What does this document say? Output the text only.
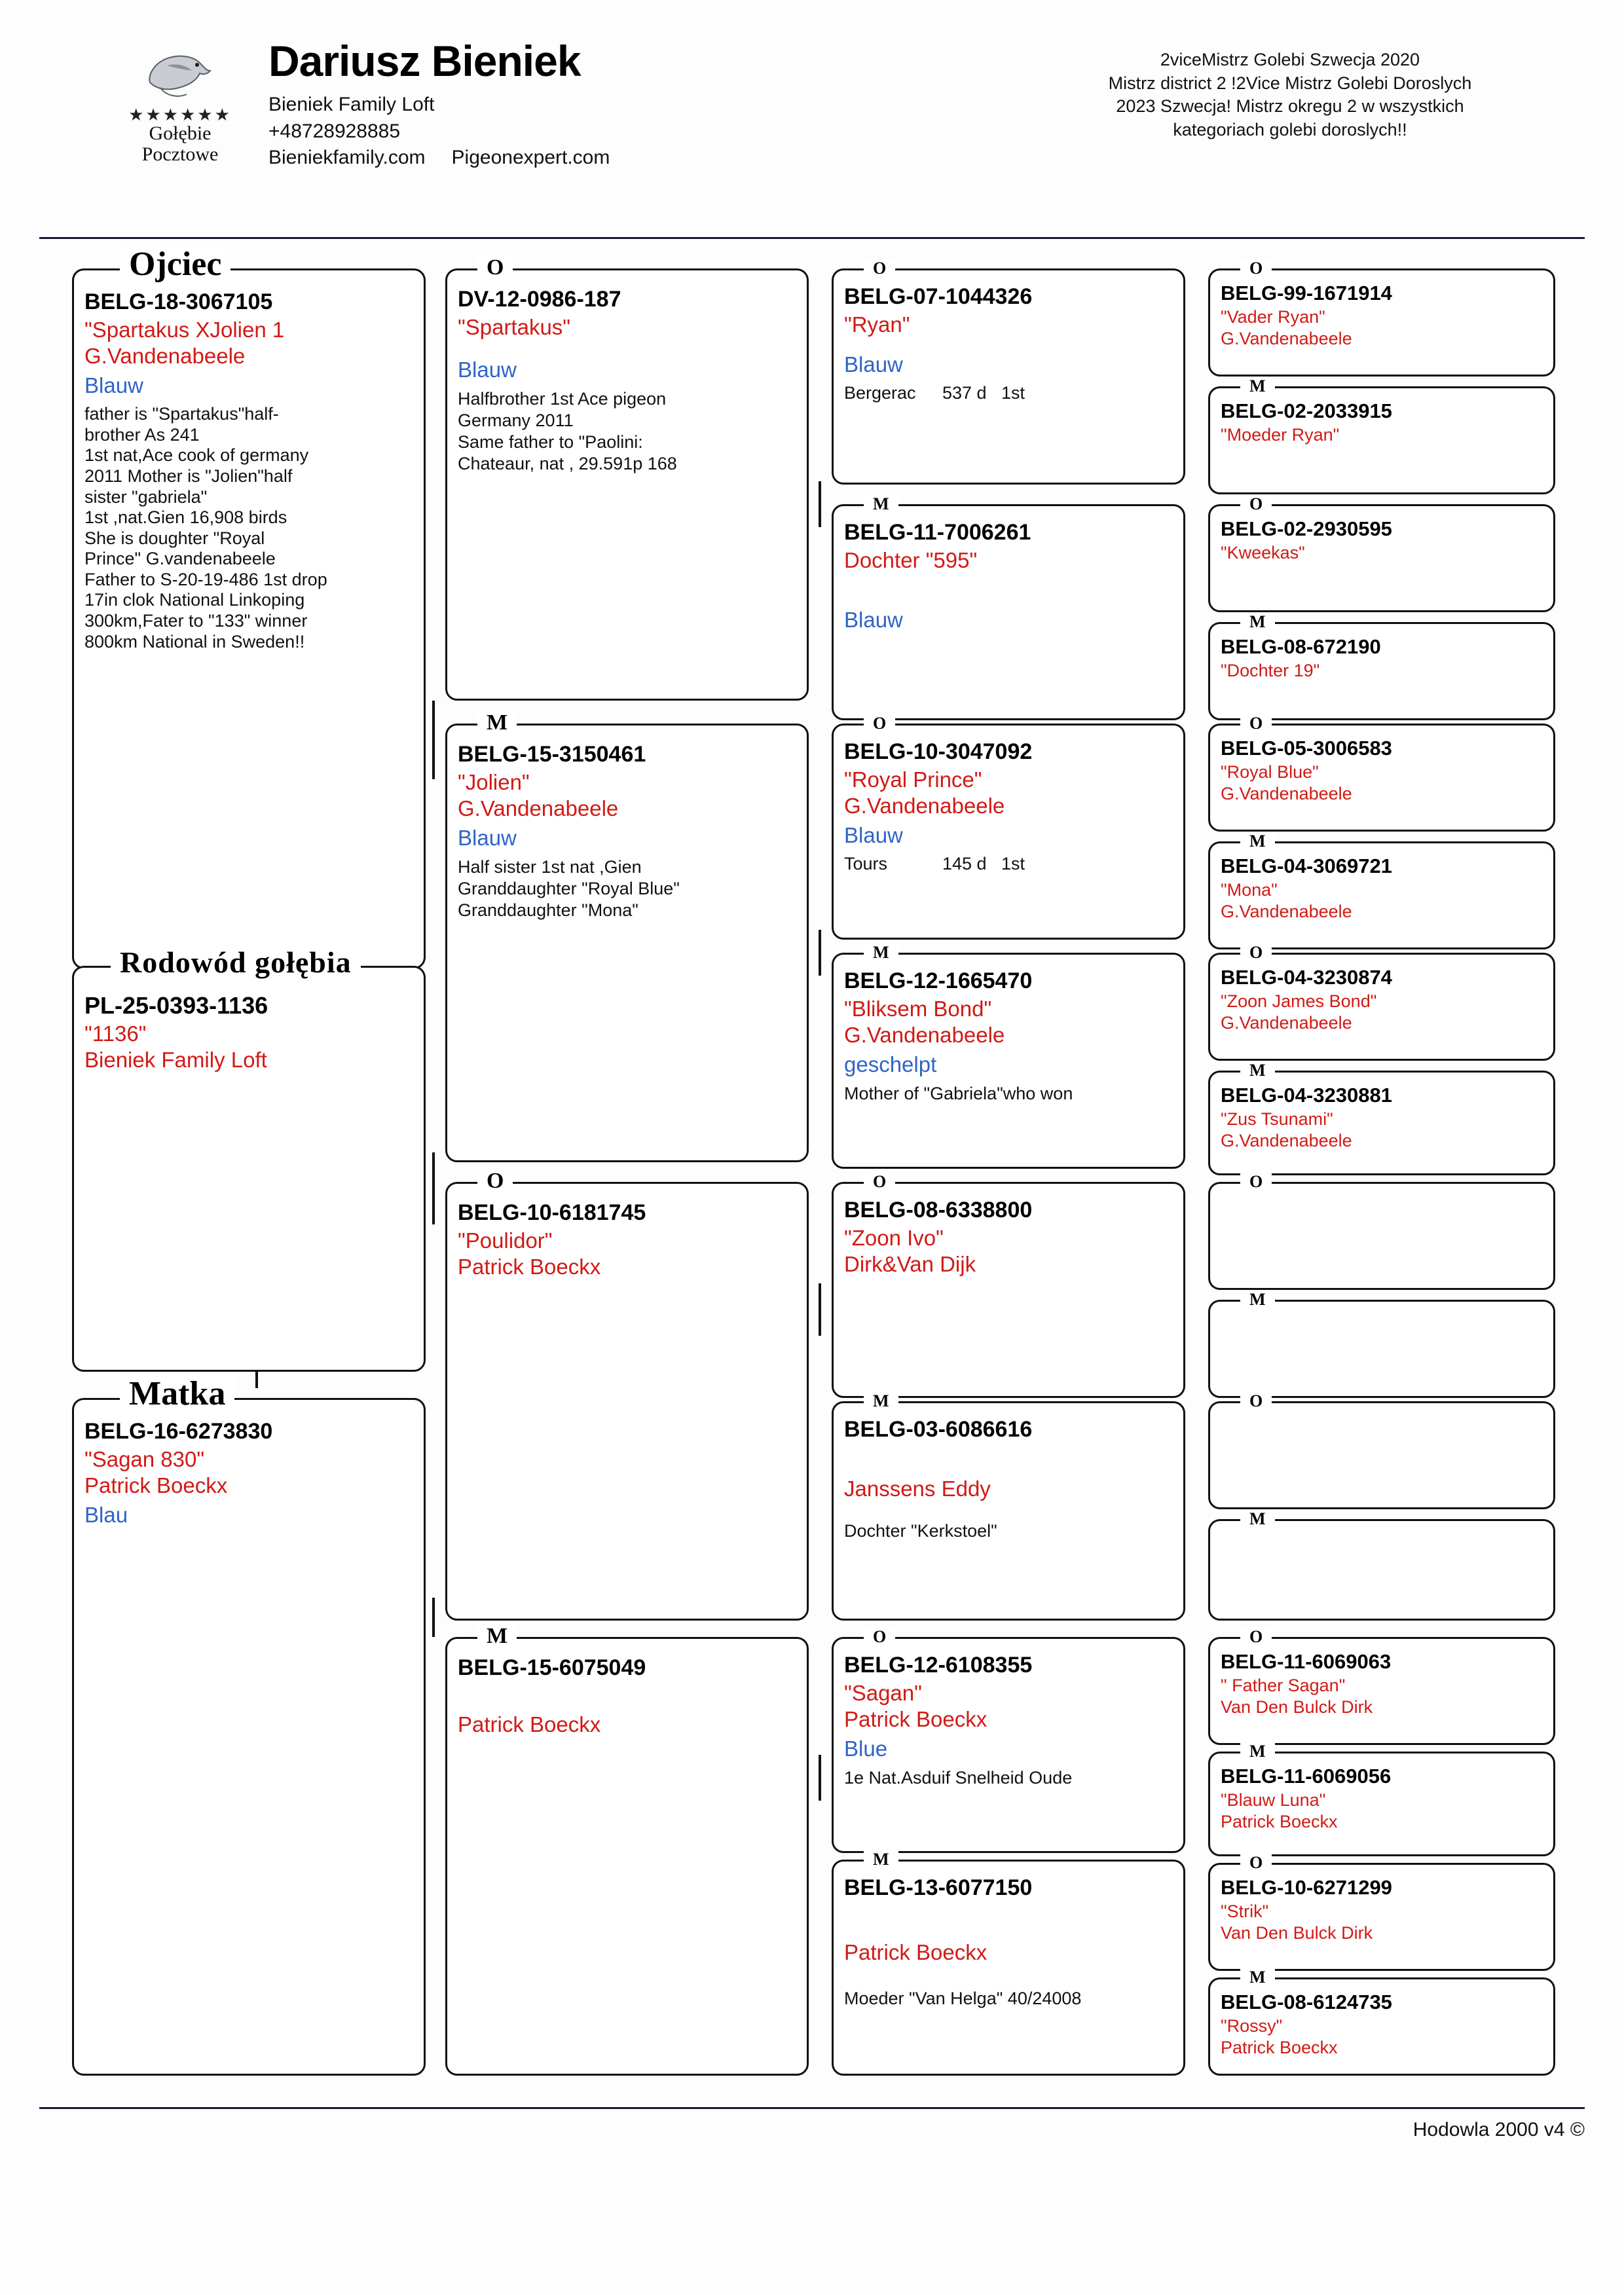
★★★★★★
Gołębie
Pocztowe
Dariusz Bieniek
Bieniek Family Loft
+48728928885
Bieniekfamily.com Pigeonexpert.com
2viceMistrz Golebi Szwecja 2020
Mistrz district 2 !2Vice Mistrz Golebi Doroslych
2023 Szwecja! Mistrz okregu 2 w wszystkich
kategoriach golebi doroslych!!
Hodowla 2000 v4 ©
Ojciec
BELG-18-3067105
"Spartakus XJolien 1
G.Vandenabeele
Blauw
father is "Spartakus"half-
brother As 241
1st nat,Ace cook of germany
2011 Mother is "Jolien"half
sister "gabriela"
1st ,nat.Gien 16,908 birds
She is doughter "Royal
Prince" G.vandenabeele
Father to S-20-19-486 1st drop
17in clok National Linkoping
300km,Fater to "133" winner
800km National in Sweden!!
Rodowód gołębia
PL-25-0393-1136
"1136"
Bieniek Family Loft
Matka
BELG-16-6273830
"Sagan 830"
Patrick Boeckx
Blau
O
DV-12-0986-187
"Spartakus"
Blauw
Halfbrother 1st Ace pigeon
Germany 2011
Same father to "Paolini:
Chateaur, nat , 29.591p 168
M
BELG-15-3150461
"Jolien"
G.Vandenabeele
Blauw
Half sister 1st nat ,Gien
Granddaughter "Royal Blue"
Granddaughter "Mona"
O
BELG-10-6181745
"Poulidor"
Patrick Boeckx
M
BELG-15-6075049
Patrick Boeckx
O
BELG-07-1044326
"Ryan"
Blauw
Bergerac 537 d 1st
M
BELG-11-7006261
Dochter "595"
Blauw
O
BELG-10-3047092
"Royal Prince"
G.Vandenabeele
Blauw
Tours	145 d 1st
M
BELG-12-1665470
"Bliksem Bond"
G.Vandenabeele
geschelpt
Mother of "Gabriela"who won
O
BELG-08-6338800
"Zoon Ivo"
Dirk&Van Dijk
M
BELG-03-6086616
Janssens Eddy
Dochter "Kerkstoel"
O
BELG-12-6108355
"Sagan"
Patrick Boeckx
Blue
1e Nat.Asduif Snelheid Oude
M
BELG-13-6077150
Patrick Boeckx
Moeder "Van Helga" 40/24008
O
BELG-99-1671914
"Vader Ryan"
G.Vandenabeele
M
BELG-02-2033915
"Moeder Ryan"
O
BELG-02-2930595
"Kweekas"
M
BELG-08-672190
"Dochter 19"
O
BELG-05-3006583
"Royal Blue"
G.Vandenabeele
M
BELG-04-3069721
"Mona"
G.Vandenabeele
O
BELG-04-3230874
"Zoon James Bond"
G.Vandenabeele
M
BELG-04-3230881
"Zus Tsunami"
G.Vandenabeele
O
M
O
M
O
BELG-11-6069063
" Father Sagan"
Van Den Bulck Dirk
M
BELG-11-6069056
"Blauw Luna"
Patrick Boeckx
O
BELG-10-6271299
"Strik"
Van Den Bulck Dirk
M
BELG-08-6124735
"Rossy"
Patrick Boeckx
